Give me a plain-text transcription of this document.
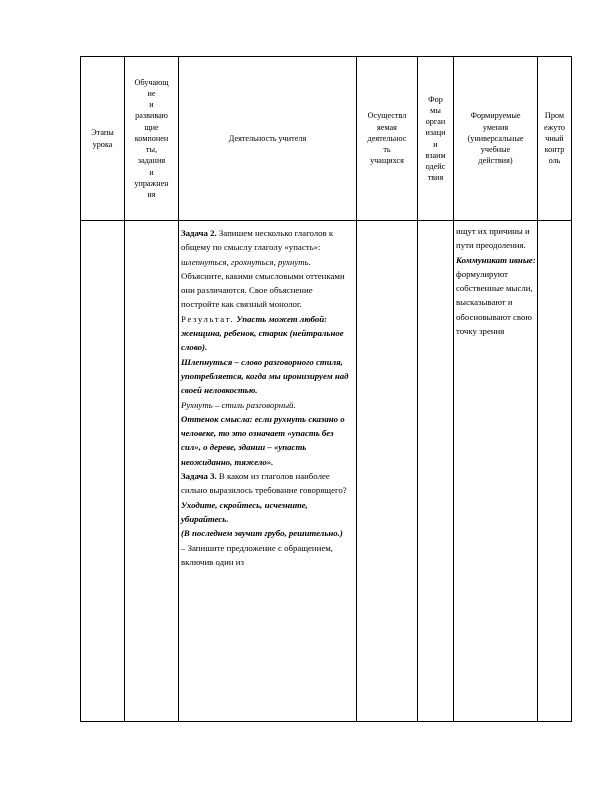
Этапы
урока
Обучающ
ие
и
развиваю
щие
компонен
ты,
задания
и
упражнен
ия
Деятельность учителя
Осуществл
яемая
деятельнос
ть
учащихся
Фор
мы
орган
изаци
и
взаим
одейс
твия
Формируемые
умения
(универсальные
учебные
действия)
Пром
ежуто
чный
контр
оль

Задача 2. Запишем несколько глаголов к общему по смыслу глаголу «упасть»: шлепнуться, грохнуться, рухнуть. Объясните, какими смысловыми оттенками они различаются. Свое объяснение постройте как связный монолог.

Результат. Упасть может любой: женщина, ребенок, старик (нейтральное слово).

Шлепнуться – слово разговорного стиля, употребляется, когда мы иронизируем над своей неловкостью.

Рухнуть – стиль разговорный.

Оттенок смысла: если рухнуть сказано о человеке, то это означает «упасть без сил», о дереве, здании – «упасть неожиданно, тяжело».

Задача 3. В каком из глаголов наиболее сильно выразилось требование говорящего?

Уходите, скройтесь, исчезните, убирайтесь.

(В последнем звучит грубо, решительно.)

– Запишите предложение с обращением, включив один из

ищут их причины и пути преодоления.

Коммуникат ивные:

формулируют собственные мысли, высказывают и обосновывают свою точку зрения
